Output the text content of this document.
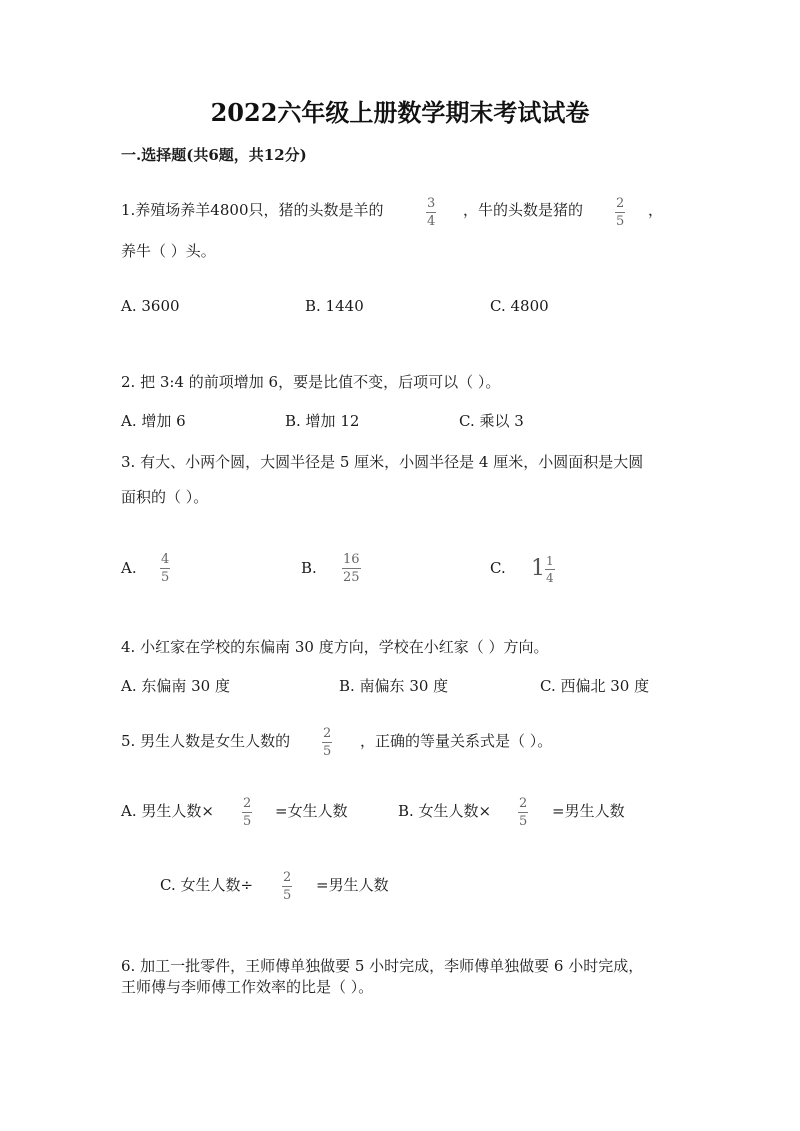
2022六年级上册数学期末考试试卷
一.选择题(共6题，共12分)
1.养殖场养羊4800只，猪的头数是羊的	3
4
，牛的头数是猪的	2
5
，
养牛（ ）头。
A. 3600	B. 1440	C. 4800
2. 把 3:4 的前项增加 6，要是比值不变，后项可以（ ）。
A. 增加 6	B. 增加 12	C. 乘以 3
3. 有大、小两个圆，大圆半径是 5 厘米，小圆半径是 4 厘米，小圆面积是大圆
面积的（ ）。
A. 4
5
B. 16
25
C. 1 1
4
4. 小红家在学校的东偏南 30 度方向，学校在小红家（ ）方向。
A. 东偏南 30 度	B. 南偏东 30 度	C. 西偏北 30 度
5. 男生人数是女生人数的	2
5
，正确的等量关系式是（ ）。
A. 男生人数× 2
5
=女生人数	B. 女生人数× 2
5
=男生人数
C. 女生人数÷ 2
5
=男生人数
6. 加工一批零件，王师傅单独做要 5 小时完成，李师傅单独做要 6 小时完成，
王师傅与李师傅工作效率的比是（ ）。
